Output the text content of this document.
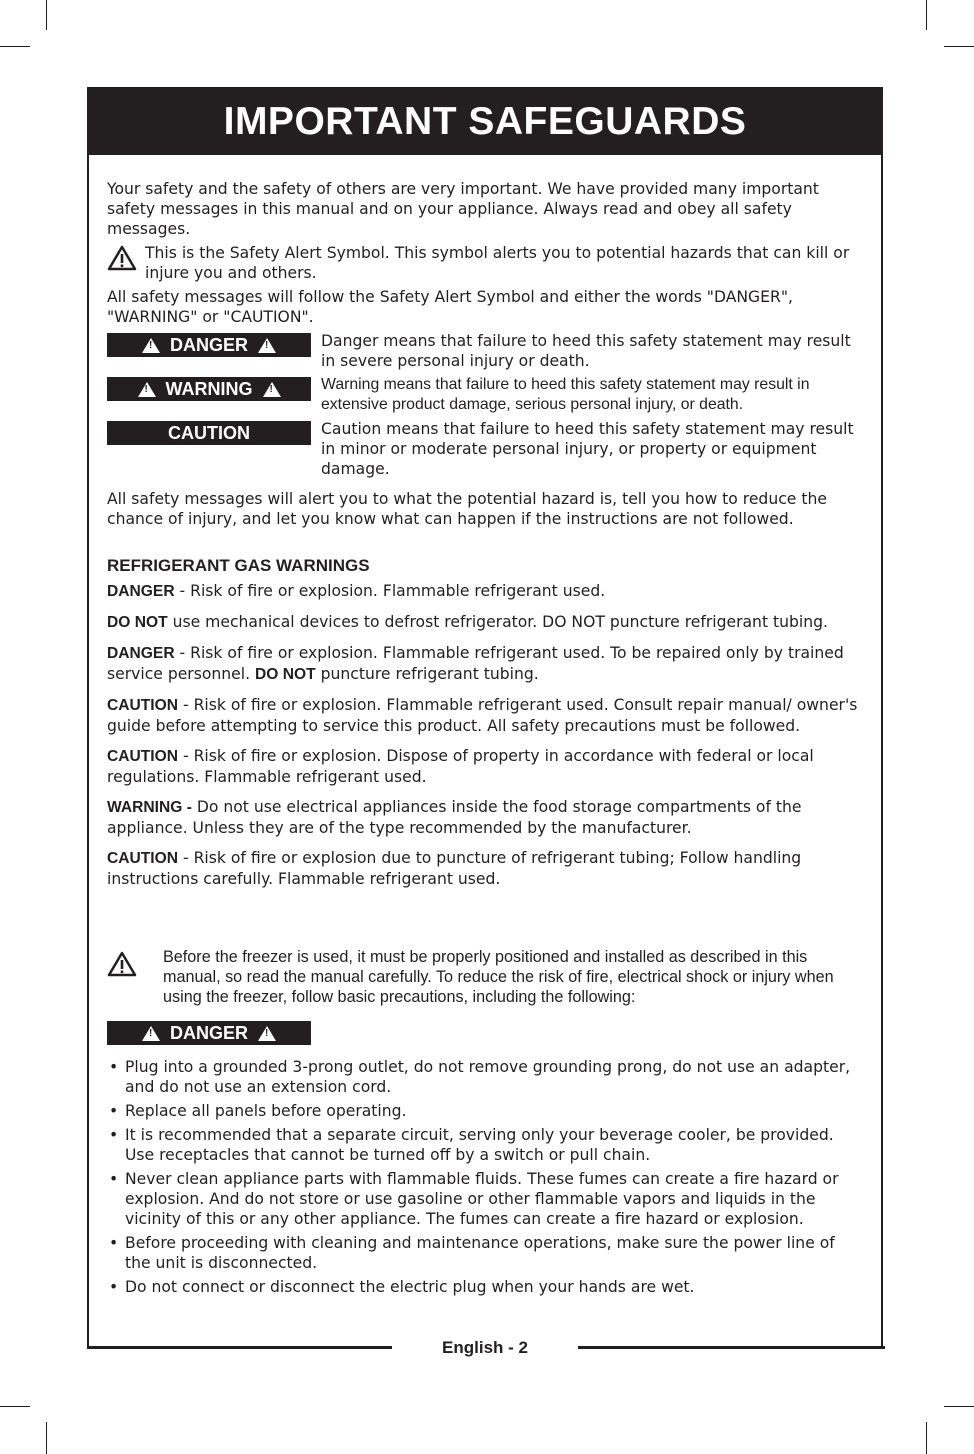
IMPORTANT SAFEGUARDS

Your safety and the safety of others are very important. We have provided many important safety messages in this manual and on your appliance. Always read and obey all safety messages.

This is the Safety Alert Symbol. This symbol alerts you to potential hazards that can kill or injure you and others.

All safety messages will follow the Safety Alert Symbol and either the words "DANGER", "WARNING" or "CAUTION".

!
DANGER !	Danger means that failure to heed this safety statement may result in severe personal injury or death.
!
WARNING !	Warning means that failure to heed this safety statement may result in extensive product damage, serious personal injury, or death.
CAUTION	Caution means that failure to heed this safety statement may result in minor or moderate personal injury, or property or equipment damage.

All safety messages will alert you to what the potential hazard is, tell you how to reduce the chance of injury, and let you know what can happen if the instructions are not followed.

REFRIGERANT GAS WARNINGS

DANGER - Risk of fire or explosion. Flammable refrigerant used.

DO NOT use mechanical devices to defrost refrigerator. DO NOT puncture refrigerant tubing.

DANGER - Risk of fire or explosion. Flammable refrigerant used. To be repaired only by trained service personnel. DO NOT puncture refrigerant tubing.

CAUTION - Risk of fire or explosion. Flammable refrigerant used. Consult repair manual/ owner's guide before attempting to service this product. All safety precautions must be followed.

CAUTION - Risk of fire or explosion. Dispose of property in accordance with federal or local regulations. Flammable refrigerant used.

WARNING - Do not use electrical appliances inside the food storage compartments of the appliance. Unless they are of the type recommended by the manufacturer.

CAUTION - Risk of fire or explosion due to puncture of refrigerant tubing; Follow handling instructions carefully. Flammable refrigerant used.

Before the freezer is used, it must be properly positioned and installed as described in this manual, so read the manual carefully. To reduce the risk of fire, electrical shock or injury when using the freezer, follow basic precautions, including the following:

!
DANGER
!
• Plug into a grounded 3-prong outlet, do not remove grounding prong, do not use an adapter, and do not use an extension cord.
• Replace all panels before operating.
• It is recommended that a separate circuit, serving only your beverage cooler, be provided. Use receptacles that cannot be turned off by a switch or pull chain.
• Never clean appliance parts with flammable fluids. These fumes can create a fire hazard or explosion. And do not store or use gasoline or other flammable vapors and liquids in the vicinity of this or any other appliance. The fumes can create a fire hazard or explosion.
• Before proceeding with cleaning and maintenance operations, make sure the power line of the unit is disconnected.
• Do not connect or disconnect the electric plug when your hands are wet.
English - 2
